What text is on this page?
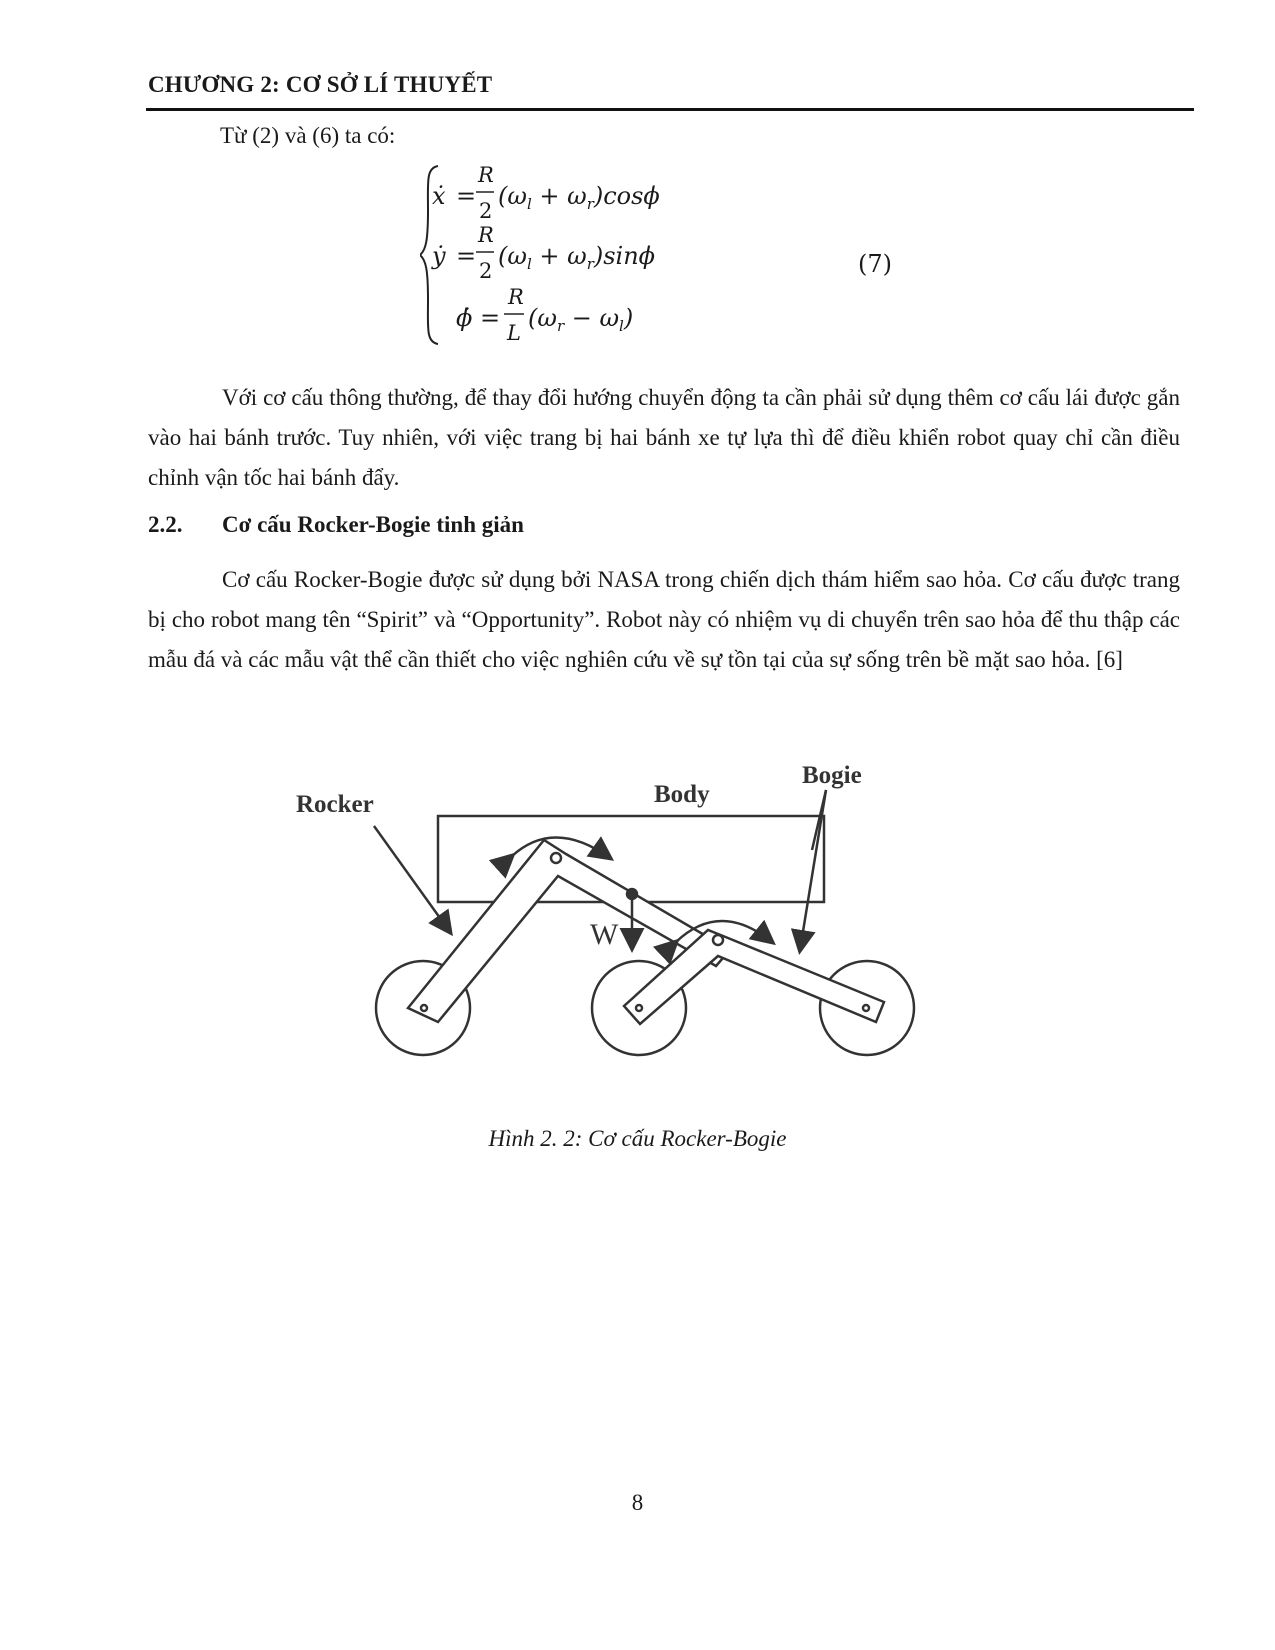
CHƯƠNG 2: CƠ SỞ LÍ THUYẾT
Từ (2) và (6) ta có:
ẋ =
R
2
$(\omega_l + \omega_r)\cos\phi$
ẏ =
R
2
$(\omega_l + \omega_r)\sin\phi$
ϕ̇ =
R
L
$(\omega_r - \omega_l)$
(7)
Với cơ cấu thông thường, để thay đổi hướng chuyển động ta cần phải sử dụng thêm cơ cấu lái được gắn vào hai bánh trước. Tuy nhiên, với việc trang bị hai bánh xe tự lựa thì để điều khiển robot quay chỉ cần điều chỉnh vận tốc hai bánh đẩy.
2.2. Cơ cấu Rocker-Bogie tinh giản
Cơ cấu Rocker-Bogie được sử dụng bởi NASA trong chiến dịch thám hiểm sao hỏa. Cơ cấu được trang bị cho robot mang tên “Spirit” và “Opportunity”. Robot này có nhiệm vụ di chuyển trên sao hỏa để thu thập các mẫu đá và các mẫu vật thể cần thiết cho việc nghiên cứu về sự tồn tại của sự sống trên bề mặt sao hỏa. [6]
Rocker	Body
Bogie
W
Hình 2. 2: Cơ cấu Rocker-Bogie
8
